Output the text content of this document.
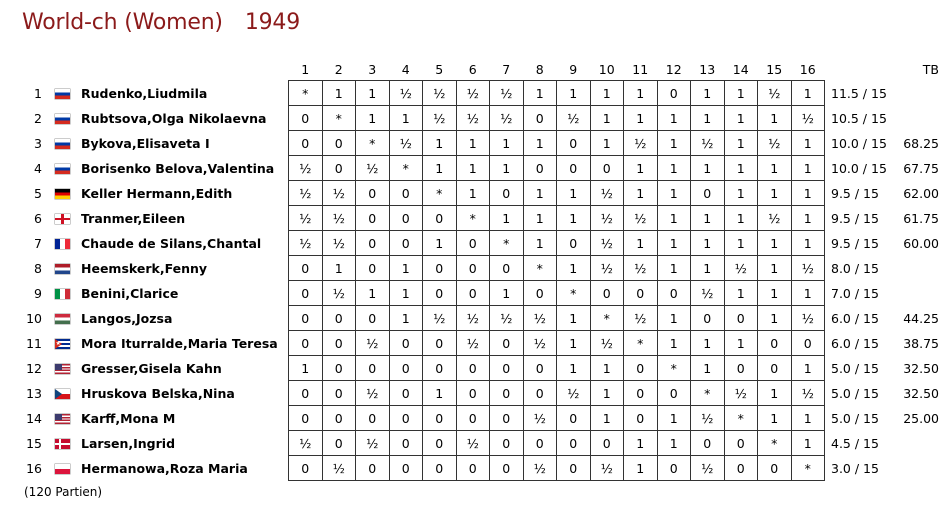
World-ch (Women) 1949
			1	2	3	4	5	6	7	8	9	10	11	12	13	14	15	16		TB
1		Rudenko,Liudmila	*	1	1	½	½	½	½	1	1	1	1	0	1	1	½	1	11.5 / 15	
2		Rubtsova,Olga Nikolaevna	0	*	1	1	½	½	½	0	½	1	1	1	1	1	1	½	10.5 / 15	
3		Bykova,Elisaveta I	0	0	*	½	1	1	1	1	0	1	½	1	½	1	½	1	10.0 / 15	68.25
4		Borisenko Belova,Valentina	½	0	½	*	1	1	1	0	0	0	1	1	1	1	1	1	10.0 / 15	67.75
5		Keller Hermann,Edith	½	½	0	0	*	1	0	1	1	½	1	1	0	1	1	1	9.5 / 15	62.00
6		Tranmer,Eileen	½	½	0	0	0	*	1	1	1	½	½	1	1	1	½	1	9.5 / 15	61.75
7		Chaude de Silans,Chantal	½	½	0	0	1	0	*	1	0	½	1	1	1	1	1	1	9.5 / 15	60.00
8		Heemskerk,Fenny	0	1	0	1	0	0	0	*	1	½	½	1	1	½	1	½	8.0 / 15	
9		Benini,Clarice	0	½	1	1	0	0	1	0	*	0	0	0	½	1	1	1	7.0 / 15	
10		Langos,Jozsa	0	0	0	1	½	½	½	½	1	*	½	1	0	0	1	½	6.0 / 15	44.25
11	★	Mora Iturralde,Maria Teresa	0	0	½	0	0	½	0	½	1	½	*	1	1	1	0	0	6.0 / 15	38.75
12		Gresser,Gisela Kahn	1	0	0	0	0	0	0	0	1	1	0	*	1	0	0	1	5.0 / 15	32.50
13		Hruskova Belska,Nina	0	0	½	0	1	0	0	0	½	1	0	0	*	½	1	½	5.0 / 15	32.50
14		Karff,Mona M	0	0	0	0	0	0	0	½	0	1	0	1	½	*	1	1	5.0 / 15	25.00
15		Larsen,Ingrid	½	0	½	0	0	½	0	0	0	0	1	1	0	0	*	1	4.5 / 15	
16		Hermanowa,Roza Maria	0	½	0	0	0	0	0	½	0	½	1	0	½	0	0	*	3.0 / 15	
(120 Partien)
